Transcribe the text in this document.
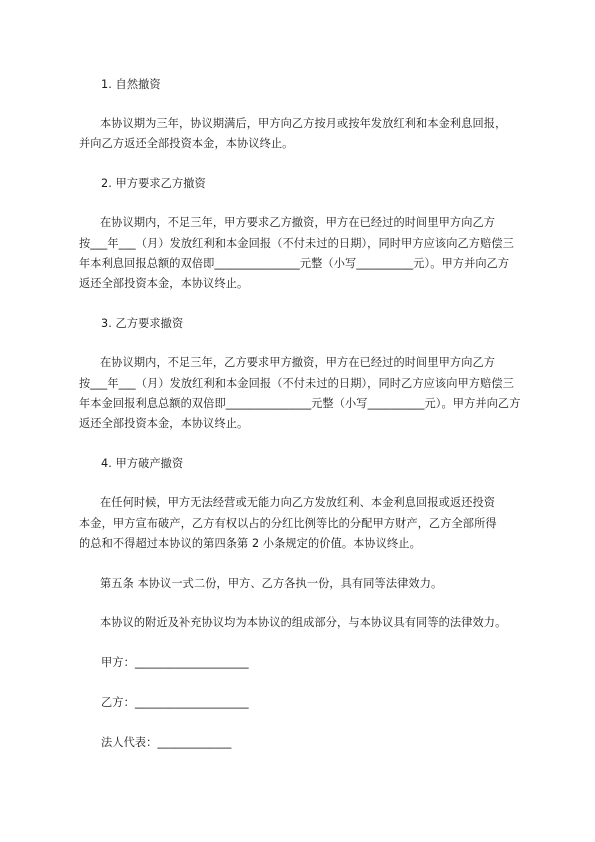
1. 自然撤资
本协议期为三年，协议期满后，甲方向乙方按月或按年发放红利和本金利息回报，
并向乙方返还全部投资本金，本协议终止。
2. 甲方要求乙方撤资
在协议期内，不足三年，甲方要求乙方撤资，甲方在已经过的时间里甲方向乙方
按___年___（月）发放红利和本金回报（不付未过的日期），同时甲方应该向乙方赔偿三
年本利息回报总额的双倍即_______________元整（小写__________元）。甲方并向乙方
返还全部投资本金，本协议终止。
3. 乙方要求撤资
在协议期内，不足三年，乙方要求甲方撤资，甲方在已经过的时间里甲方向乙方
按___年___（月）发放红利和本金回报（不付未过的日期），同时乙方应该向甲方赔偿三
年本金回报利息总额的双倍即_______________元整（小写__________元）。甲方并向乙方
返还全部投资本金，本协议终止。
4. 甲方破产撤资
在任何时候，甲方无法经营或无能力向乙方发放红利、本金利息回报或返还投资
本金，甲方宣布破产，乙方有权以占的分红比例等比的分配甲方财产，乙方全部所得
的总和不得超过本协议的第四条第 2 小条规定的价值。本协议终止。
第五条 本协议一式二份，甲方、乙方各执一份，具有同等法律效力。
本协议的附近及补充协议均为本协议的组成部分，与本协议具有同等的法律效力。
甲方：____________________
乙方：____________________
法人代表：_____________
